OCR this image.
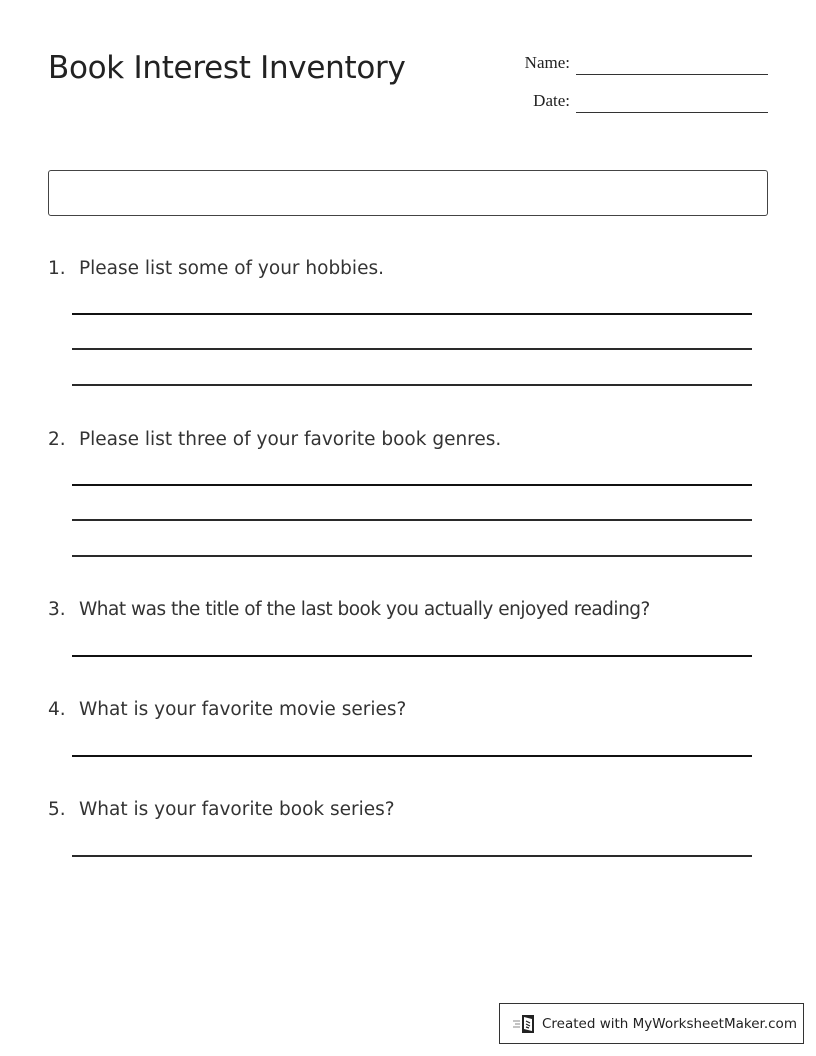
Book Interest Inventory	Name:
Date:
1. Please list some of your hobbies.
2. Please list three of your favorite book genres.
3. What was the title of the last book you actually enjoyed reading?
4. What is your favorite movie series?
5. What is your favorite book series?
Created with MyWorksheetMaker.com
